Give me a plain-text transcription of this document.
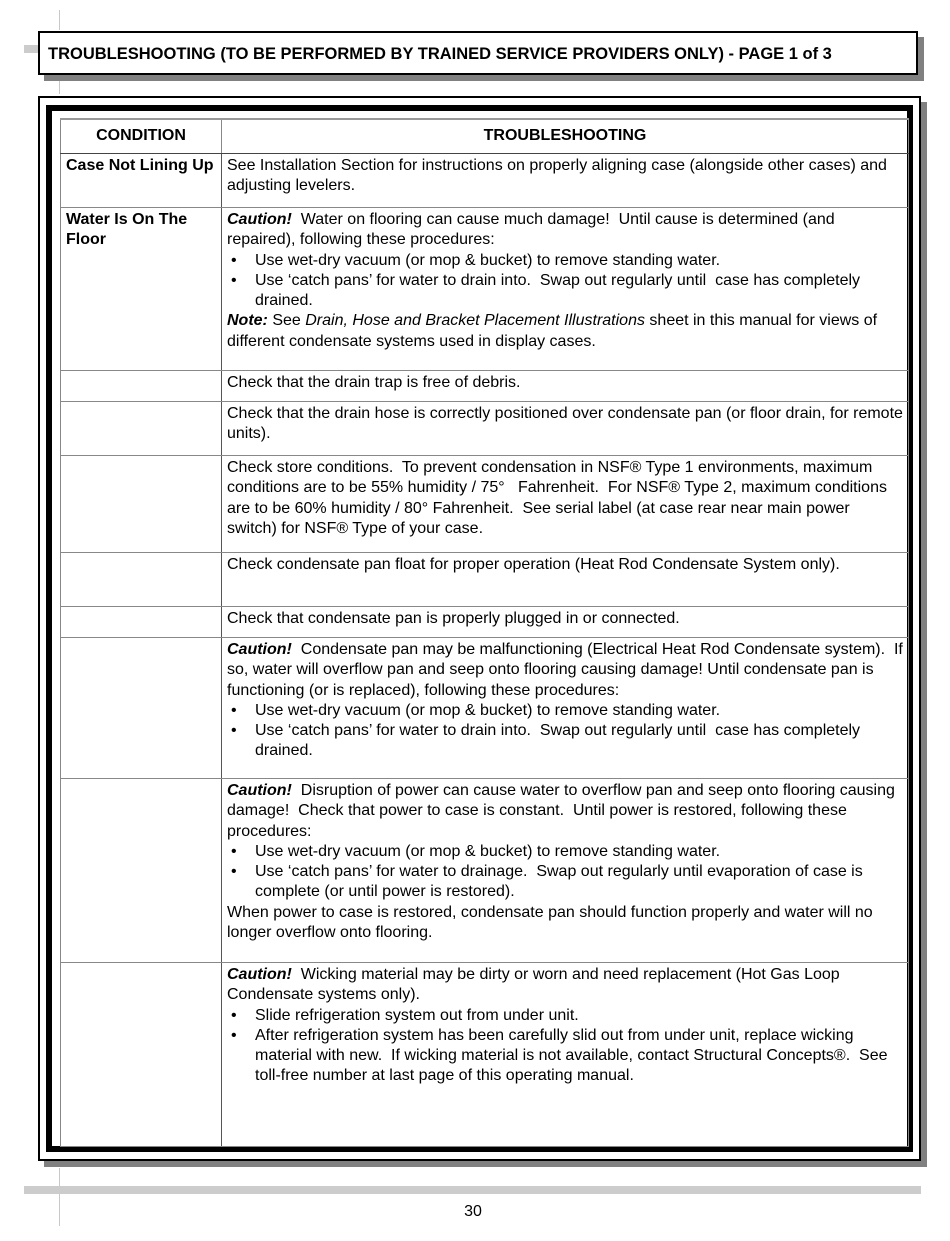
TROUBLESHOOTING (TO BE PERFORMED BY TRAINED SERVICE PROVIDERS ONLY) - PAGE 1 of 3
CONDITION	TROUBLESHOOTING
Case Not Lining Up	See Installation Section for instructions on properly aligning case (alongside other cases) and adjusting levelers.

Water Is On The Floor	Caution!  Water on flooring can cause much damage!  Until cause is determined (and repaired), following these procedures:
• Use wet-dry vacuum (or mop & bucket) to remove standing water.
• Use ‘catch pans’ for water to drain into.  Swap out regularly until  case has completely drained.
Note: See Drain, Hose and Bracket Placement Illustrations sheet in this manual for views of different condensate systems used in display cases.

	Check that the drain trap is free of debris.

	Check that the drain hose is correctly positioned over condensate pan (or floor drain, for remote units).

	Check store conditions.  To prevent condensation in NSF® Type 1 environments, maximum conditions are to be 55% humidity / 75°   Fahrenheit.  For NSF® Type 2, maximum conditions are to be 60% humidity / 80° Fahrenheit.  See serial label (at case rear near main power switch) for NSF® Type of your case.

	Check condensate pan float for proper operation (Heat Rod Condensate System only).

	Check that condensate pan is properly plugged in or connected.

	Caution!  Condensate pan may be malfunctioning (Electrical Heat Rod Condensate system).  If so, water will overflow pan and seep onto flooring causing damage! Until condensate pan is functioning (or is replaced), following these procedures:
• Use wet-dry vacuum (or mop & bucket) to remove standing water.
• Use ‘catch pans’ for water to drain into.  Swap out regularly until  case has completely drained.

	Caution!  Disruption of power can cause water to overflow pan and seep onto flooring causing damage!  Check that power to case is constant.  Until power is restored, following these procedures:
• Use wet-dry vacuum (or mop & bucket) to remove standing water.
• Use ‘catch pans’ for water to drainage.  Swap out regularly until evaporation of case is complete (or until power is restored).
When power to case is restored, condensate pan should function properly and water will no longer overflow onto flooring.

	Caution!  Wicking material may be dirty or worn and need replacement (Hot Gas Loop Condensate systems only).
• Slide refrigeration system out from under unit.
• After refrigeration system has been carefully slid out from under unit, replace wicking material with new.  If wicking material is not available, contact Structural Concepts®.  See toll-free number at last page of this operating manual.
30
